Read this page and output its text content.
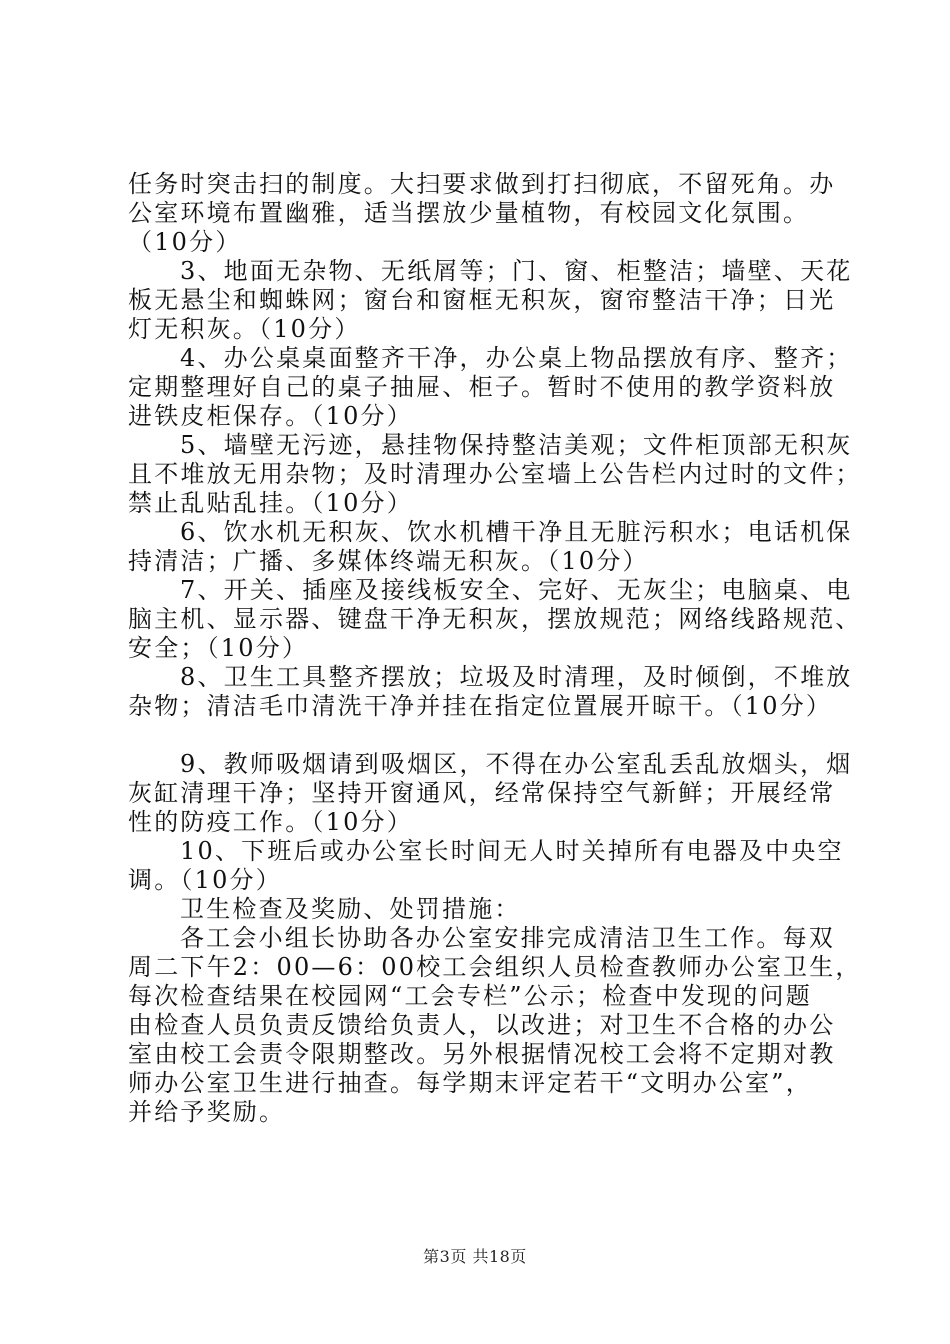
任务时突击扫的制度。大扫要求做到打扫彻底，不留死角。办
公室环境布置幽雅，适当摆放少量植物，有校园文化氛围。
（10分）
3、地面无杂物、无纸屑等；门、窗、柜整洁；墙壁、天花
板无悬尘和蜘蛛网；窗台和窗框无积灰，窗帘整洁干净；日光
灯无积灰。（10分）
4、办公桌桌面整齐干净，办公桌上物品摆放有序、整齐；
定期整理好自己的桌子抽屉、柜子。暂时不使用的教学资料放
进铁皮柜保存。（10分）
5、墙壁无污迹，悬挂物保持整洁美观；文件柜顶部无积灰
且不堆放无用杂物；及时清理办公室墙上公告栏内过时的文件；
禁止乱贴乱挂。（10分）
6、饮水机无积灰、饮水机槽干净且无脏污积水；电话机保
持清洁；广播、多媒体终端无积灰。（10分）
7、开关、插座及接线板安全、完好、无灰尘；电脑桌、电
脑主机、显示器、键盘干净无积灰，摆放规范；网络线路规范、
安全；（10分）
8、卫生工具整齐摆放；垃圾及时清理，及时倾倒，不堆放
杂物；清洁毛巾清洗干净并挂在指定位置展开晾干。（10分）
9、教师吸烟请到吸烟区，不得在办公室乱丢乱放烟头，烟
灰缸清理干净；坚持开窗通风，经常保持空气新鲜；开展经常
性的防疫工作。（10分）
10、下班后或办公室长时间无人时关掉所有电器及中央空
调。（10分）
卫生检查及奖励、处罚措施：
各工会小组长协助各办公室安排完成清洁卫生工作。每双
周二下午2：00—6：00校工会组织人员检查教师办公室卫生，
每次检查结果在校园网“工会专栏”公示；检查中发现的问题
由检查人员负责反馈给负责人，以改进；对卫生不合格的办公
室由校工会责令限期整改。另外根据情况校工会将不定期对教
师办公室卫生进行抽查。每学期末评定若干“文明办公室”，
并给予奖励。
第3页 共18页
